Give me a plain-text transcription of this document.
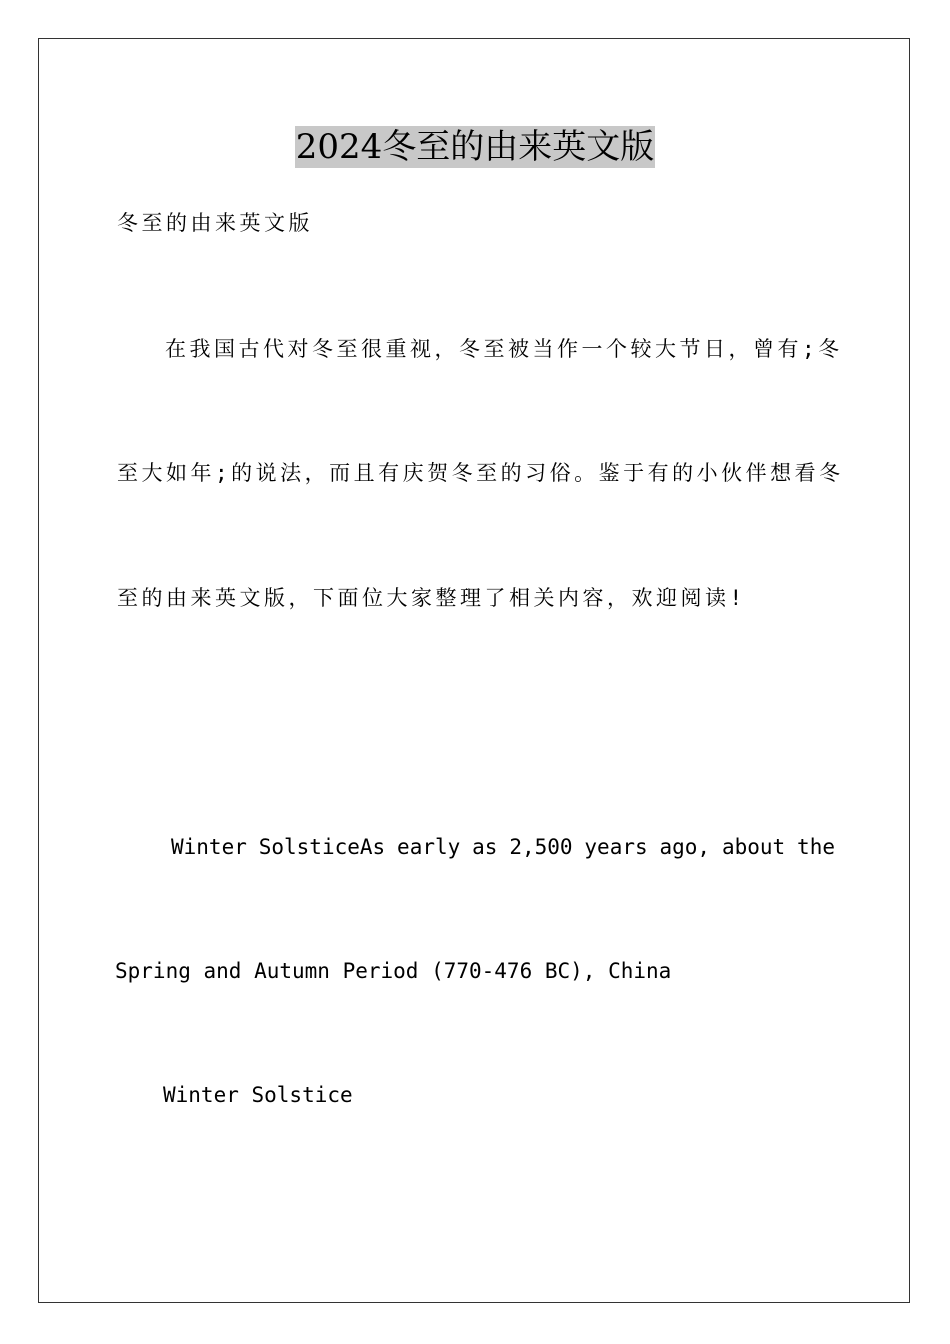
2024冬至的由来英文版
冬至的由来英文版
在我国古代对冬至很重视，冬至被当作一个较大节日，曾有;冬
至大如年;的说法，而且有庆贺冬至的习俗。鉴于有的小伙伴想看冬
至的由来英文版，下面位大家整理了相关内容，欢迎阅读!
Winter SolsticeAs early as 2,500 years ago, about the
Spring and Autumn Period (770-476 BC), China
Winter Solstice
